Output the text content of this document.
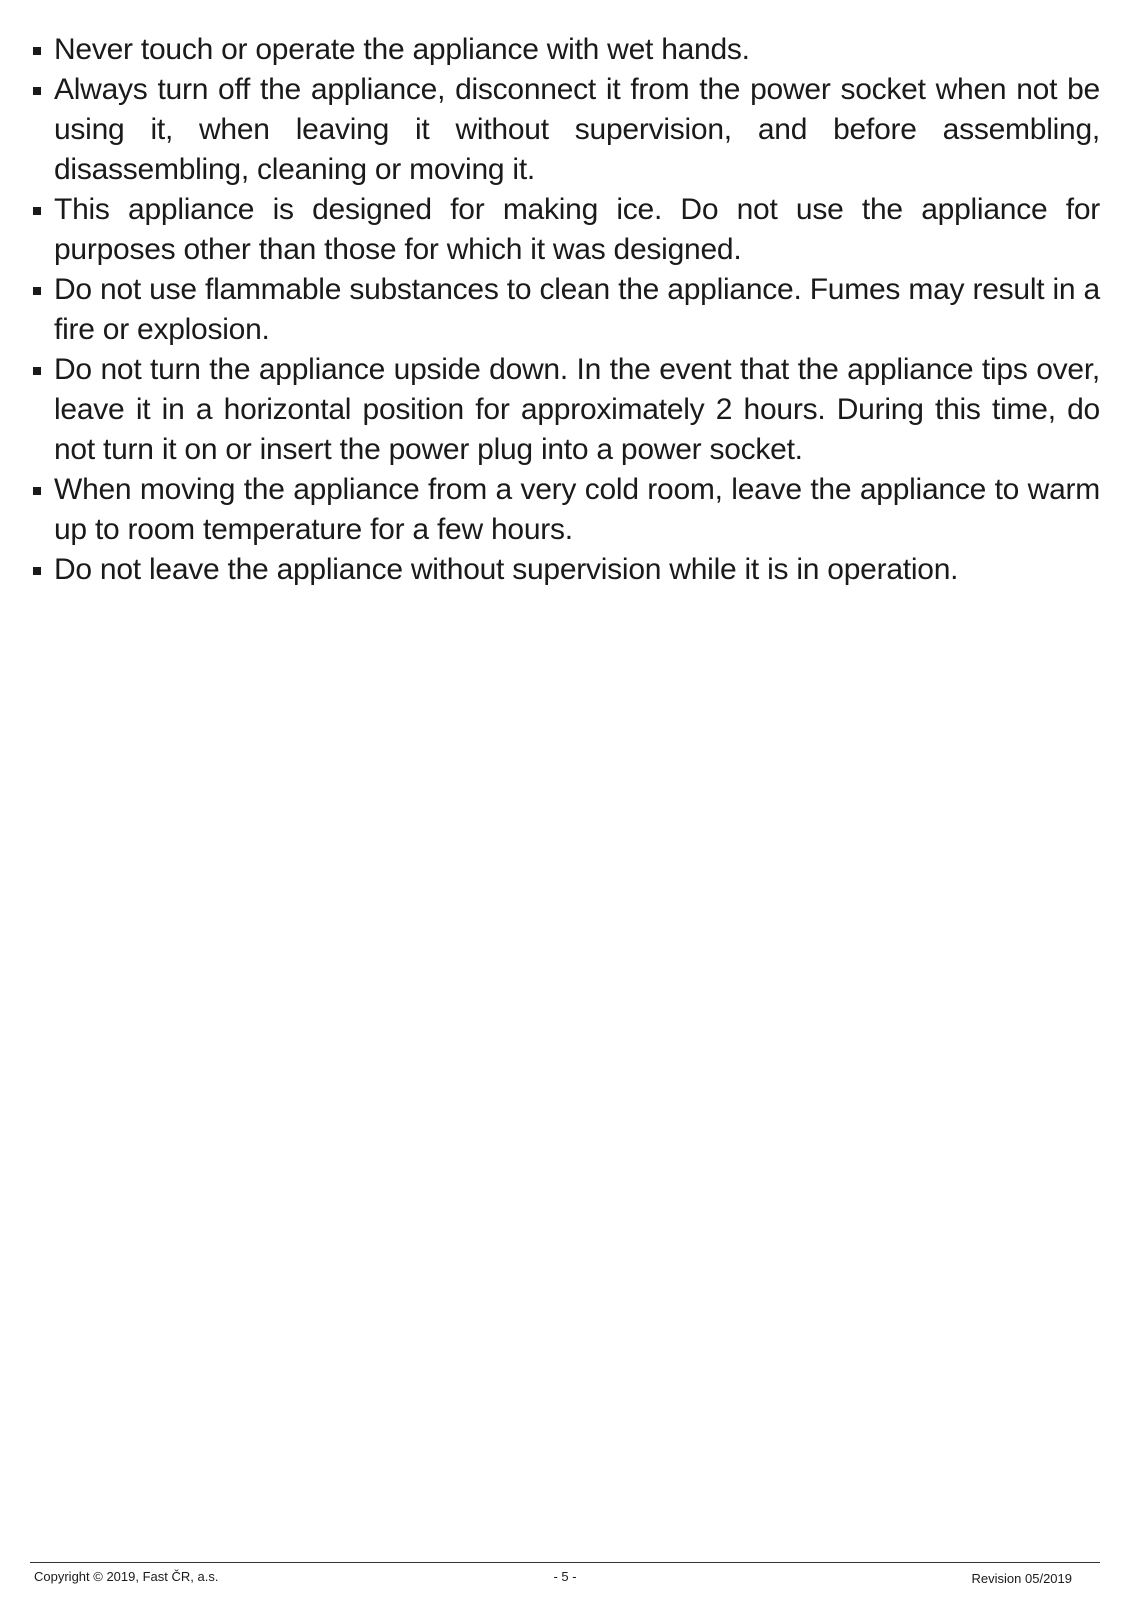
Never touch or operate the appliance with wet hands.
Always turn off the appliance, disconnect it from the power socket when not be using it, when leaving it without supervision, and before assembling, disassembling, cleaning or moving it.
This appliance is designed for making ice. Do not use the appliance for purposes other than those for which it was designed.
Do not use flammable substances to clean the appliance. Fumes may result in a fire or explosion.
Do not turn the appliance upside down. In the event that the appliance tips over, leave it in a horizontal position for approximately 2 hours. During this time, do not turn it on or insert the power plug into a power socket.
When moving the appliance from a very cold room, leave the appliance to warm up to room temperature for a few hours.
Do not leave the appliance without supervision while it is in operation.
Copyright © 2019, Fast ČR, a.s.	- 5 -	Revision 05/2019
